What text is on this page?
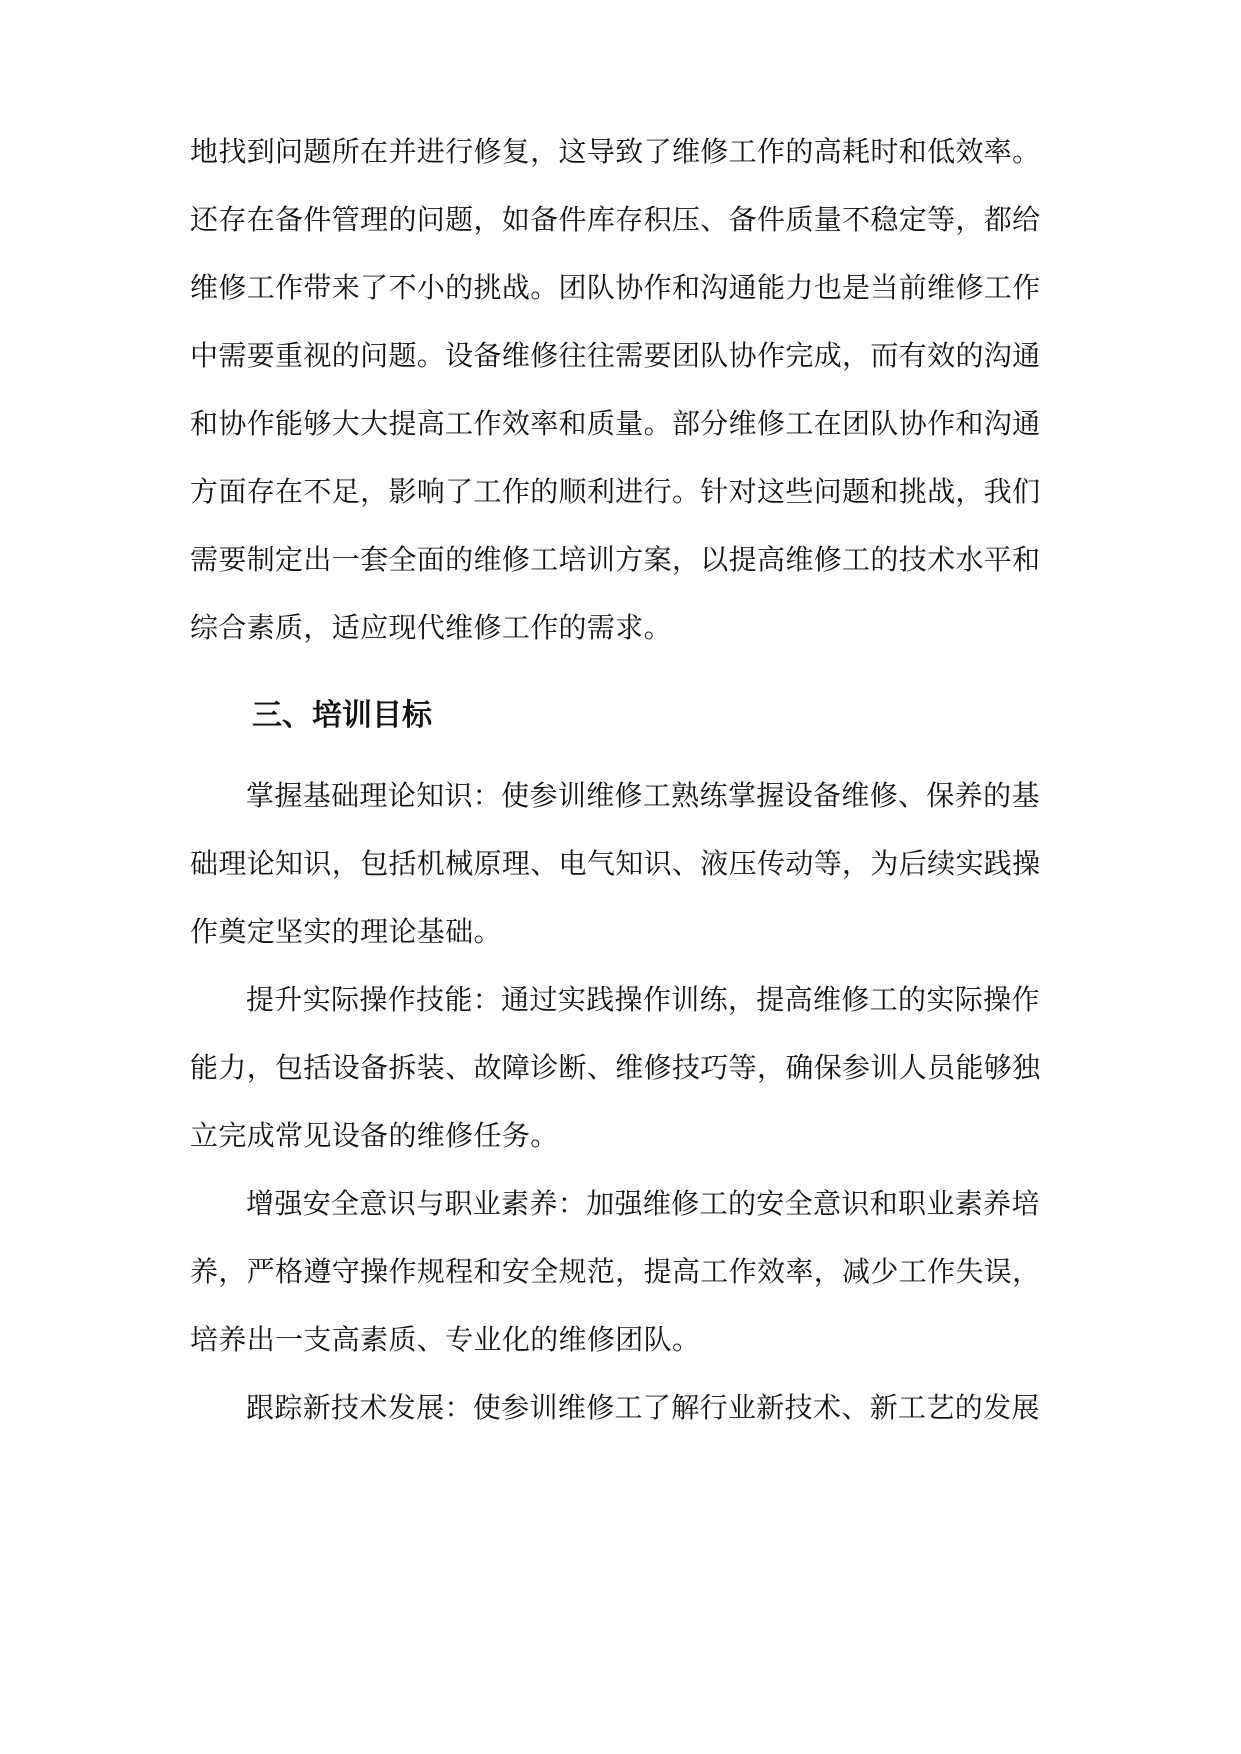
地找到问题所在并进行修复，这导致了维修工作的高耗时和低效率。

还存在备件管理的问题，如备件库存积压、备件质量不稳定等，都给

维修工作带来了不小的挑战。团队协作和沟通能力也是当前维修工作

中需要重视的问题。设备维修往往需要团队协作完成，而有效的沟通

和协作能够大大提高工作效率和质量。部分维修工在团队协作和沟通

方面存在不足，影响了工作的顺利进行。针对这些问题和挑战，我们

需要制定出一套全面的维修工培训方案，以提高维修工的技术水平和

综合素质，适应现代维修工作的需求。

三、培训目标

掌握基础理论知识：使参训维修工熟练掌握设备维修、保养的基

础理论知识，包括机械原理、电气知识、液压传动等，为后续实践操

作奠定坚实的理论基础。

提升实际操作技能：通过实践操作训练，提高维修工的实际操作

能力，包括设备拆装、故障诊断、维修技巧等，确保参训人员能够独

立完成常见设备的维修任务。

增强安全意识与职业素养：加强维修工的安全意识和职业素养培

养，严格遵守操作规程和安全规范，提高工作效率，减少工作失误，

培养出一支高素质、专业化的维修团队。

跟踪新技术发展：使参训维修工了解行业新技术、新工艺的发展
